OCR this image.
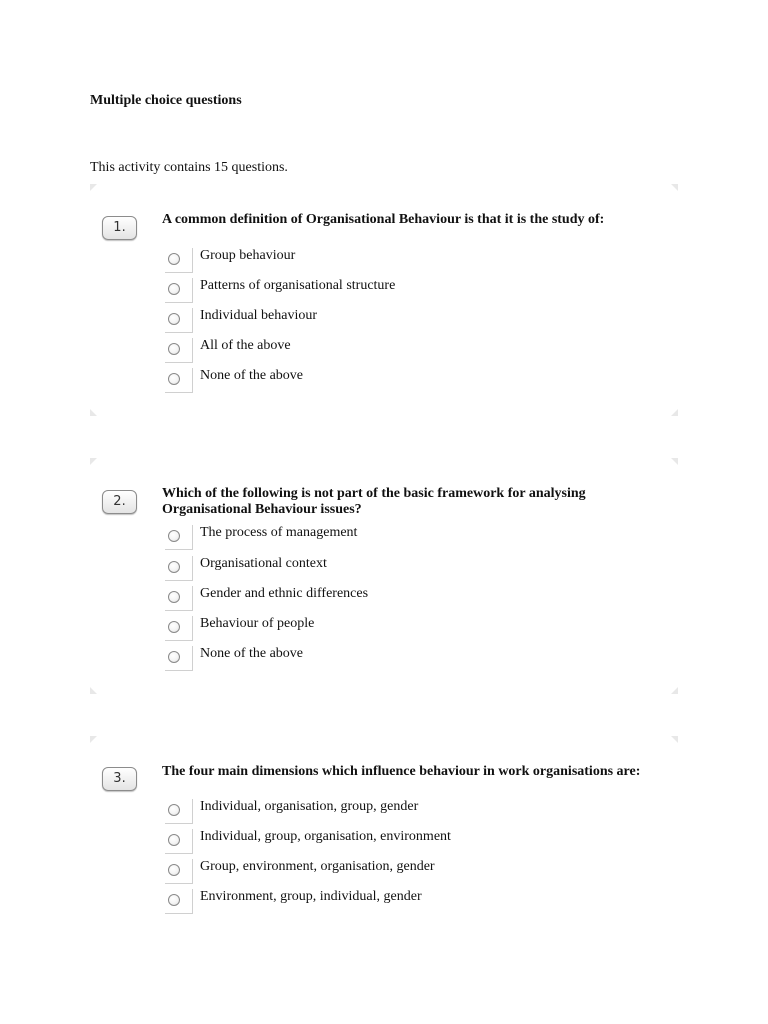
Multiple choice questions
This activity contains 15 questions.
1.
A common definition of Organisational Behaviour is that it is the study of:
Group behaviour
Patterns of organisational structure
Individual behaviour
All of the above
None of the above
2.
Which of the following is not part of the basic framework for analysing Organisational Behaviour issues?
The process of management
Organisational context
Gender and ethnic differences
Behaviour of people
None of the above
3.	The four main dimensions which influence behaviour in work organisations are:
Individual, organisation, group, gender
Individual, group, organisation, environment
Group, environment, organisation, gender
Environment, group, individual, gender
